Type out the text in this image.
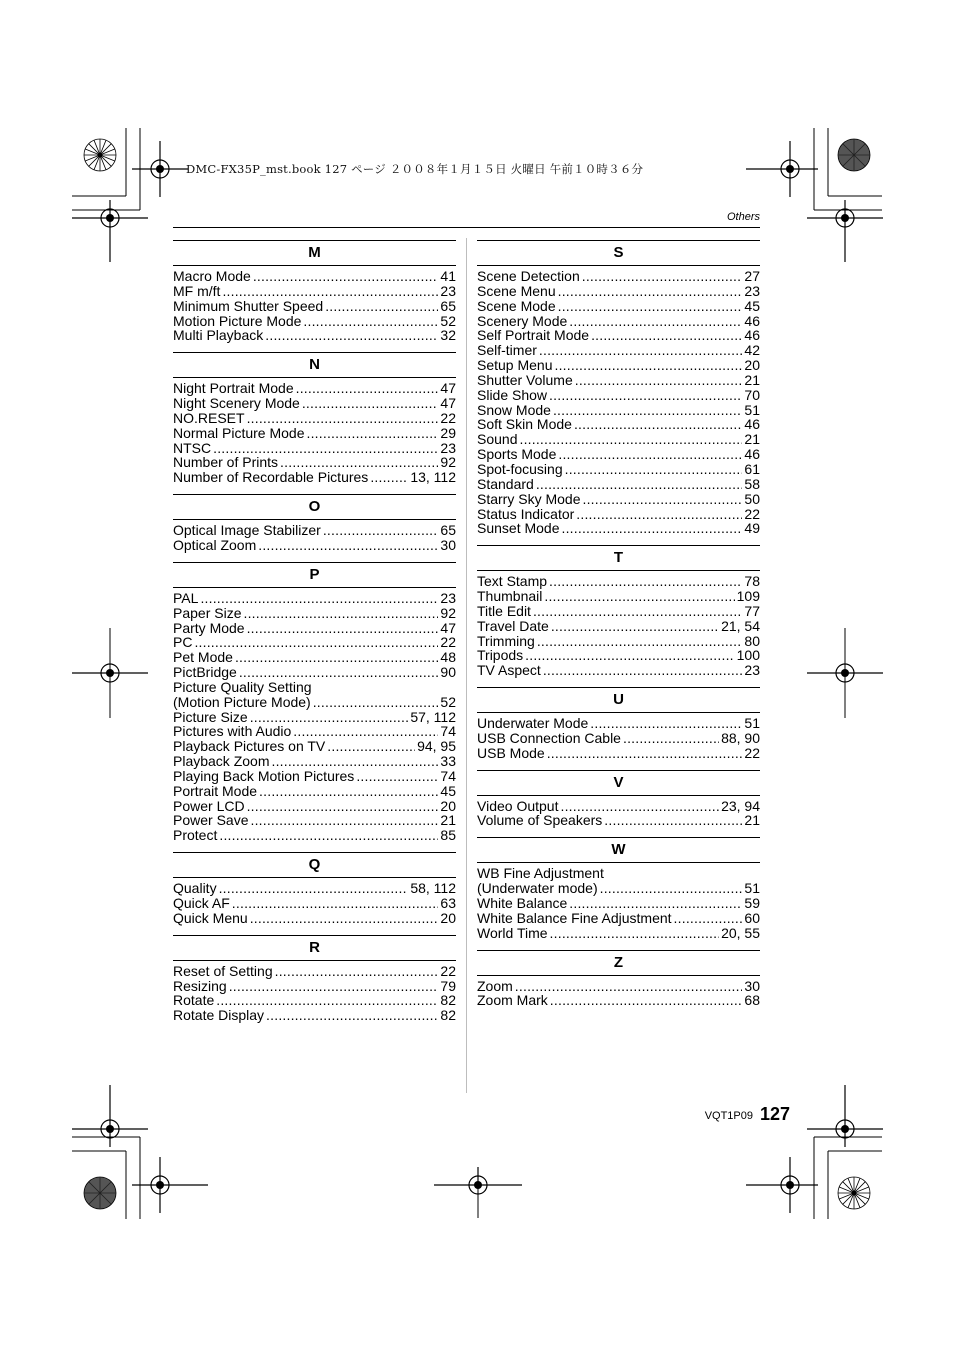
DMC-FX35P_mst.book 127 ページ ２００８年１月１５日 火曜日 午前１０時３６分
Others
M
Macro Mode .....	41
MF m/ft .....	23
Minimum Shutter Speed .....	65
Motion Picture Mode .....	52
Multi Playback .....	32
N
Night Portrait Mode .....	47
Night Scenery Mode .....	47
NO.RESET .....	22
Normal Picture Mode .....	29
NTSC .....	23
Number of Prints .....	92
Number of Recordable Pictures .....	13, 112
O
Optical Image Stabilizer .....	65
Optical Zoom .....	30
P
PAL .....	23
Paper Size .....	92
Party Mode .....	47
PC .....	22
Pet Mode .....	48
PictBridge .....	90
Picture Quality Setting
(Motion Picture Mode) .....	52
Picture Size .....	57, 112
Pictures with Audio .....	74
Playback Pictures on TV .....	94, 95
Playback Zoom .....	33
Playing Back Motion Pictures .....	74
Portrait Mode .....	45
Power LCD .....	20
Power Save .....	21
Protect .....	85
Q
Quality .....	58, 112
Quick AF .....	63
Quick Menu .....	20
R
Reset of Setting .....	22
Resizing .....	79
Rotate .....	82
Rotate Display .....	82
S
Scene Detection .....	27
Scene Menu .....	23
Scene Mode .....	45
Scenery Mode .....	46
Self Portrait Mode .....	46
Self-timer .....	42
Setup Menu .....	20
Shutter Volume .....	21
Slide Show .....	70
Snow Mode .....	51
Soft Skin Mode .....	46
Sound .....	21
Sports Mode .....	46
Spot-focusing .....	61
Standard .....	58
Starry Sky Mode .....	50
Status Indicator .....	22
Sunset Mode .....	49
T
Text Stamp .....	78
Thumbnail .....	109
Title Edit .....	77
Travel Date .....	21, 54
Trimming .....	80
Tripods .....	100
TV Aspect .....	23
U
Underwater Mode .....	51
USB Connection Cable .....	88, 90
USB Mode .....	22
V
Video Output .....	23, 94
Volume of Speakers .....	21
W
WB Fine Adjustment
(Underwater mode) .....	51
White Balance .....	59
White Balance Fine Adjustment .....	60
World Time .....	20, 55
Z
Zoom .....	30
Zoom Mark .....	68
VQT1P09 127
